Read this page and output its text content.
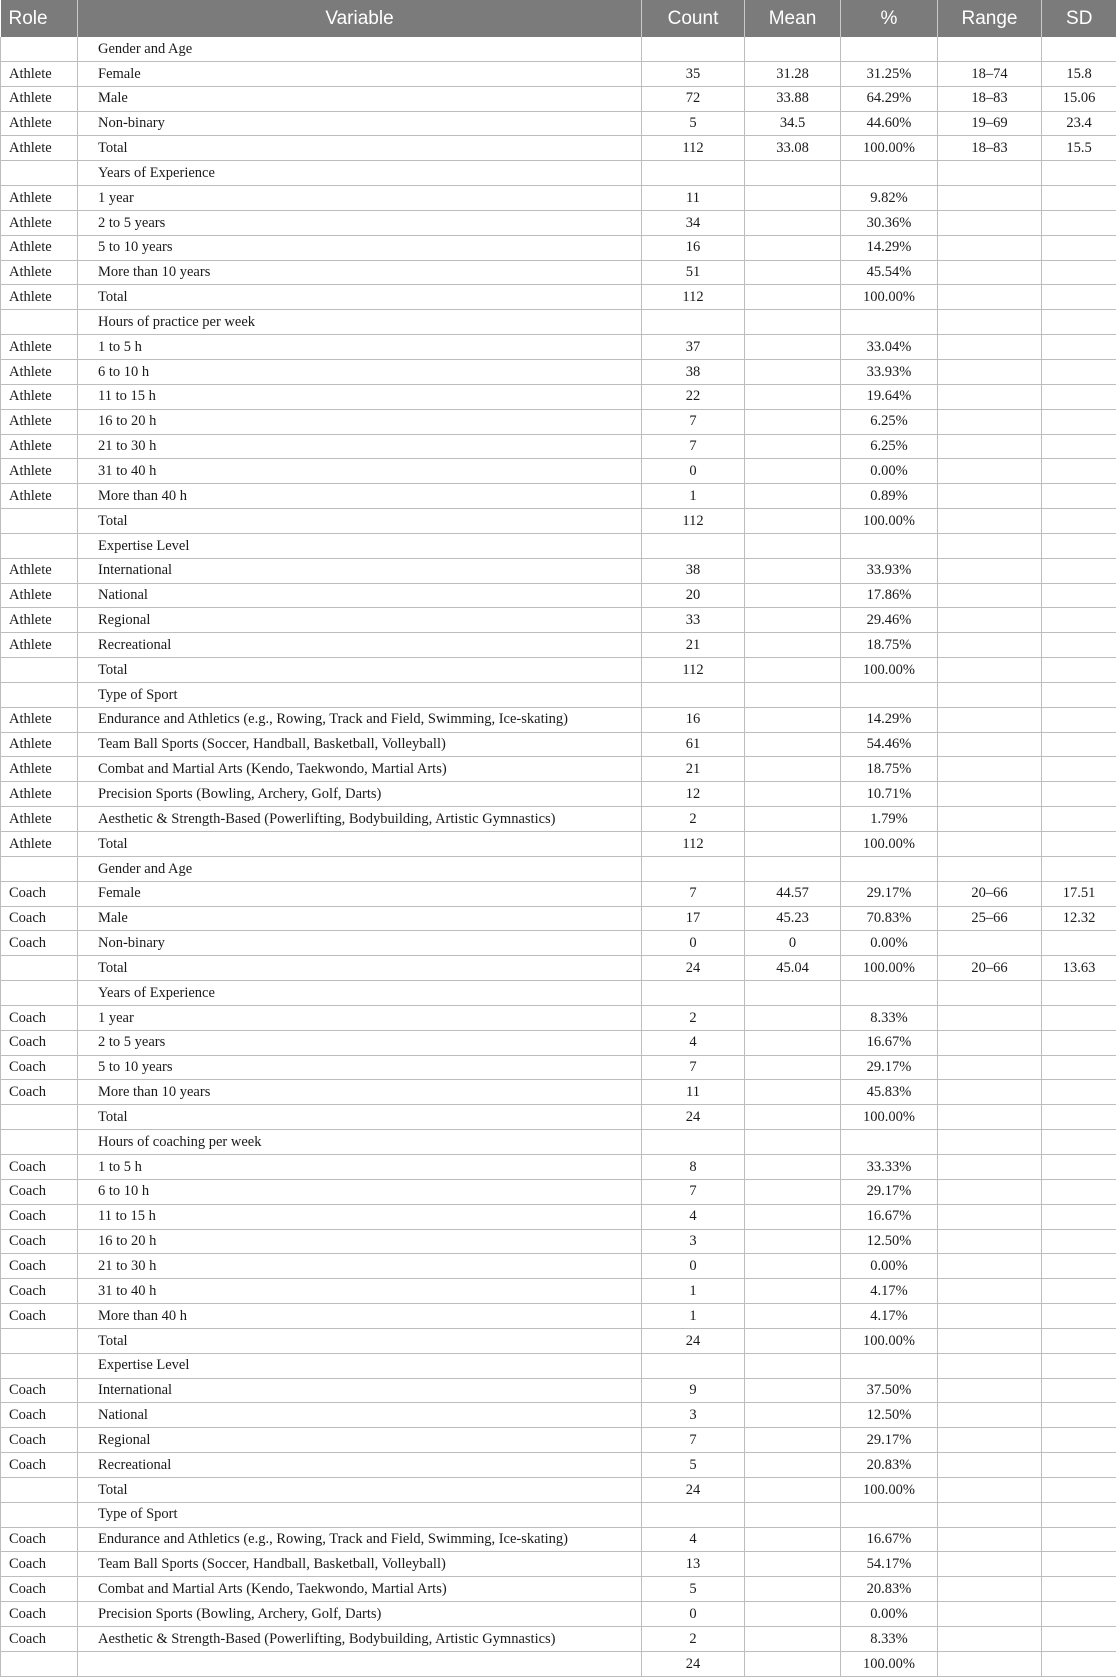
Role	Variable	Count	Mean	%	Range	SD
	Gender and Age					
Athlete	Female	35	31.28	31.25%	18–74	15.8
Athlete	Male	72	33.88	64.29%	18–83	15.06
Athlete	Non-binary	5	34.5	44.60%	19–69	23.4
Athlete	Total	112	33.08	100.00%	18–83	15.5
	Years of Experience					
Athlete	1 year	11		9.82%		
Athlete	2 to 5 years	34		30.36%		
Athlete	5 to 10 years	16		14.29%		
Athlete	More than 10 years	51		45.54%		
Athlete	Total	112		100.00%		
	Hours of practice per week					
Athlete	1 to 5 h	37		33.04%		
Athlete	6 to 10 h	38		33.93%		
Athlete	11 to 15 h	22		19.64%		
Athlete	16 to 20 h	7		6.25%		
Athlete	21 to 30 h	7		6.25%		
Athlete	31 to 40 h	0		0.00%		
Athlete	More than 40 h	1		0.89%		
	Total	112		100.00%		
	Expertise Level					
Athlete	International	38		33.93%		
Athlete	National	20		17.86%		
Athlete	Regional	33		29.46%		
Athlete	Recreational	21		18.75%		
	Total	112		100.00%		
	Type of Sport					
Athlete	Endurance and Athletics (e.g., Rowing, Track and Field, Swimming, Ice-skating)	16		14.29%		
Athlete	Team Ball Sports (Soccer, Handball, Basketball, Volleyball)	61		54.46%		
Athlete	Combat and Martial Arts (Kendo, Taekwondo, Martial Arts)	21		18.75%		
Athlete	Precision Sports (Bowling, Archery, Golf, Darts)	12		10.71%		
Athlete	Aesthetic & Strength-Based (Powerlifting, Bodybuilding, Artistic Gymnastics)	2		1.79%		
Athlete	Total	112		100.00%		
	Gender and Age					
Coach	Female	7	44.57	29.17%	20–66	17.51
Coach	Male	17	45.23	70.83%	25–66	12.32
Coach	Non-binary	0	0	0.00%		
	Total	24	45.04	100.00%	20–66	13.63
	Years of Experience					
Coach	1 year	2		8.33%		
Coach	2 to 5 years	4		16.67%		
Coach	5 to 10 years	7		29.17%		
Coach	More than 10 years	11		45.83%		
	Total	24		100.00%		
	Hours of coaching per week					
Coach	1 to 5 h	8		33.33%		
Coach	6 to 10 h	7		29.17%		
Coach	11 to 15 h	4		16.67%		
Coach	16 to 20 h	3		12.50%		
Coach	21 to 30 h	0		0.00%		
Coach	31 to 40 h	1		4.17%		
Coach	More than 40 h	1		4.17%		
	Total	24		100.00%		
	Expertise Level					
Coach	International	9		37.50%		
Coach	National	3		12.50%		
Coach	Regional	7		29.17%		
Coach	Recreational	5		20.83%		
	Total	24		100.00%		
	Type of Sport					
Coach	Endurance and Athletics (e.g., Rowing, Track and Field, Swimming, Ice-skating)	4		16.67%		
Coach	Team Ball Sports (Soccer, Handball, Basketball, Volleyball)	13		54.17%		
Coach	Combat and Martial Arts (Kendo, Taekwondo, Martial Arts)	5		20.83%		
Coach	Precision Sports (Bowling, Archery, Golf, Darts)	0		0.00%		
Coach	Aesthetic & Strength-Based (Powerlifting, Bodybuilding, Artistic Gymnastics)	2		8.33%		
		24		100.00%		
